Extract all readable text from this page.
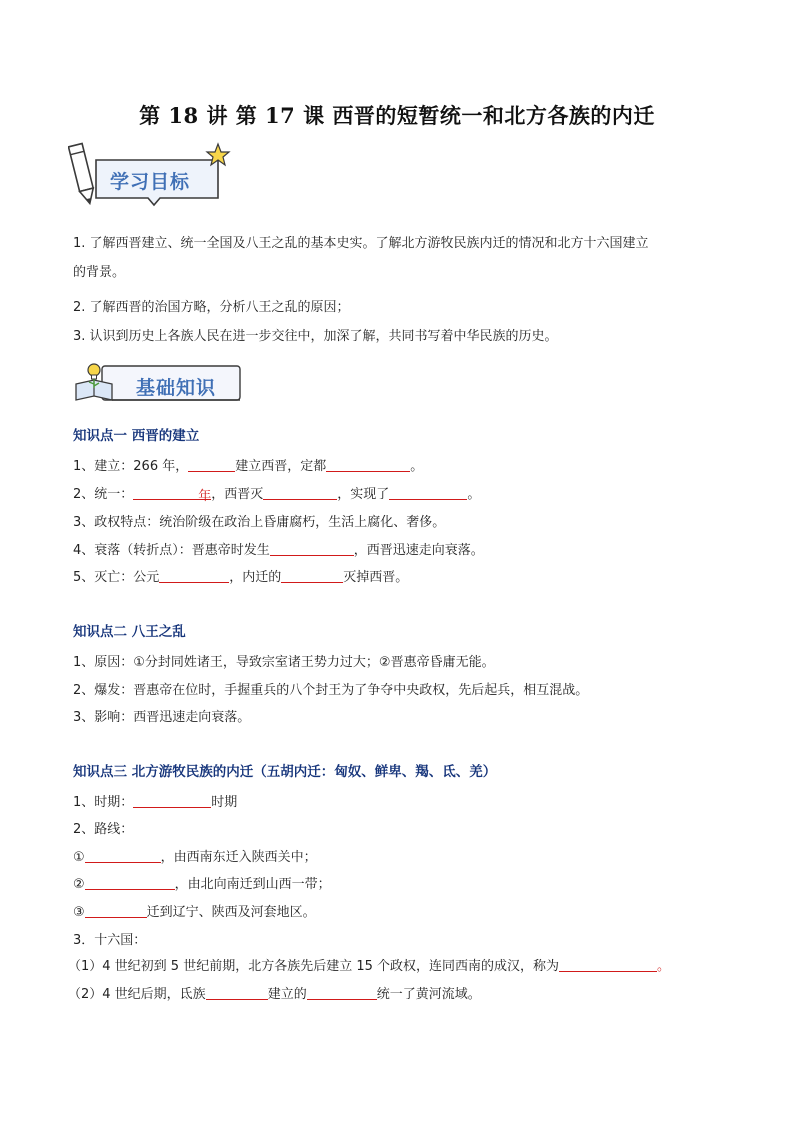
第 18 讲 第 17 课 西晋的短暂统一和北方各族的内迁
学习目标
1. 了解西晋建立、统一全国及八王之乱的基本史实。了解北方游牧民族内迁的情况和北方十六国建立
的背景。
2. 了解西晋的治国方略，分析八王之乱的原因；
3. 认识到历史上各族人民在进一步交往中，加深了解，共同书写着中华民族的历史。
基础知识
知识点一 西晋的建立
1、建立：266 年，	建立西晋，定都	。
2、统一：	年，西晋灭	，实现了	。
3、政权特点：统治阶级在政治上昏庸腐朽，生活上腐化、奢侈。
4、衰落（转折点）：晋惠帝时发生	，西晋迅速走向衰落。
5、灭亡：公元	，内迁的	灭掉西晋。
知识点二 八王之乱
1、原因：①分封同姓诸王，导致宗室诸王势力过大；②晋惠帝昏庸无能。
2、爆发：晋惠帝在位时，手握重兵的八个封王为了争夺中央政权，先后起兵，相互混战。
3、影响：西晋迅速走向衰落。
知识点三 北方游牧民族的内迁（五胡内迁：匈奴、鲜卑、羯、氐、羌）
1、时期：	时期
2、路线：
①	，由西南东迁入陕西关中；
②	，由北向南迁到山西一带；
③	迁到辽宁、陕西及河套地区。
3．十六国：
（1）4 世纪初到 5 世纪前期，北方各族先后建立 15 个政权，连同西南的成汉，称为	。
（2）4 世纪后期，氐族	建立的	统一了黄河流域。
